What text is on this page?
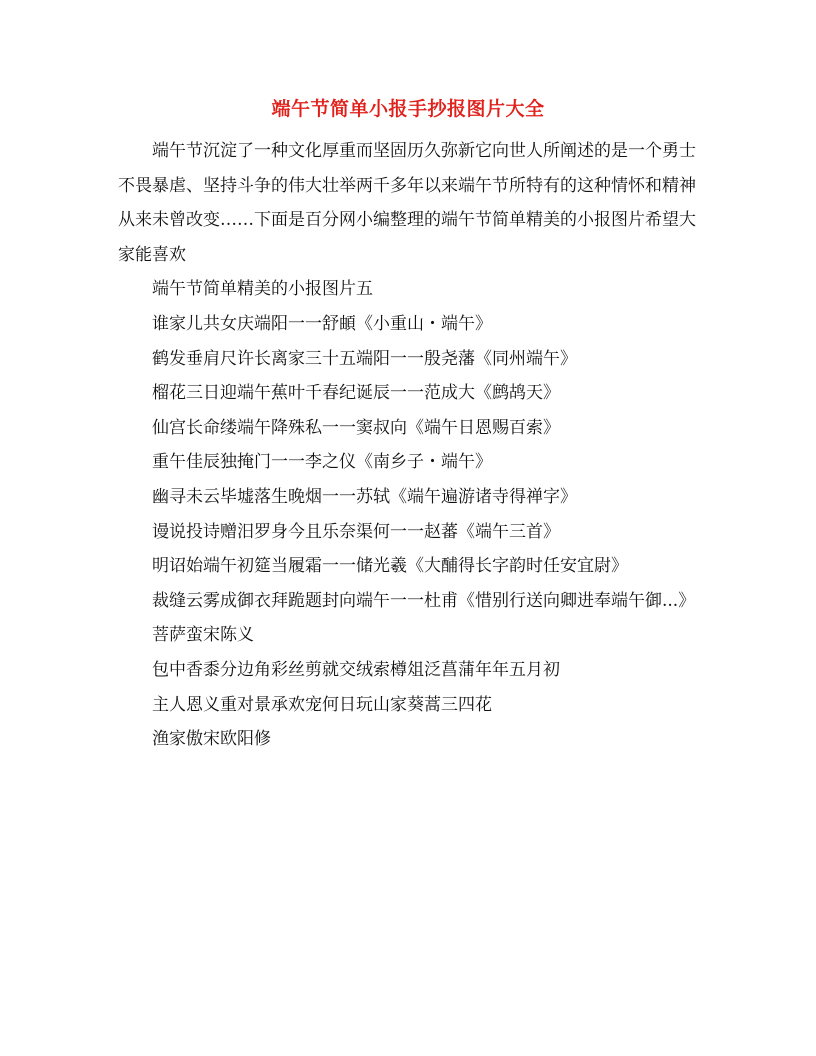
端午节简单小报手抄报图片大全

端午节沉淀了一种文化厚重而坚固历久弥新它向世人所阐述的是一个勇士不畏暴虐、坚持斗争的伟大壮举两千多年以来端午节所特有的这种情怀和精神从来未曾改变……下面是百分网小编整理的端午节简单精美的小报图片希望大家能喜欢

端午节简单精美的小报图片五

谁家儿共女庆端阳一一舒頔《小重山・端午》

鹤发垂肩尺许长离家三十五端阳一一殷尧藩《同州端午》

榴花三日迎端午蕉叶千春纪诞辰一一范成大《鹧鸪天》

仙宫长命缕端午降殊私一一窦叔向《端午日恩赐百索》

重午佳辰独掩门一一李之仪《南乡子・端午》

幽寻未云毕墟落生晚烟一一苏轼《端午遍游诸寺得禅字》

谩说投诗赠汨罗身今且乐奈渠何一一赵蕃《端午三首》

明诏始端午初筵当履霜一一储光羲《大酺得长字韵时任安宜尉》

裁缝云雾成御衣拜跪题封向端午一一杜甫《惜别行送向卿进奉端午御...》

菩萨蛮宋陈义

包中香黍分边角彩丝剪就交绒索樽俎泛菖蒲年年五月初

主人恩义重对景承欢宠何日玩山家葵蒿三四花

渔家傲宋欧阳修
